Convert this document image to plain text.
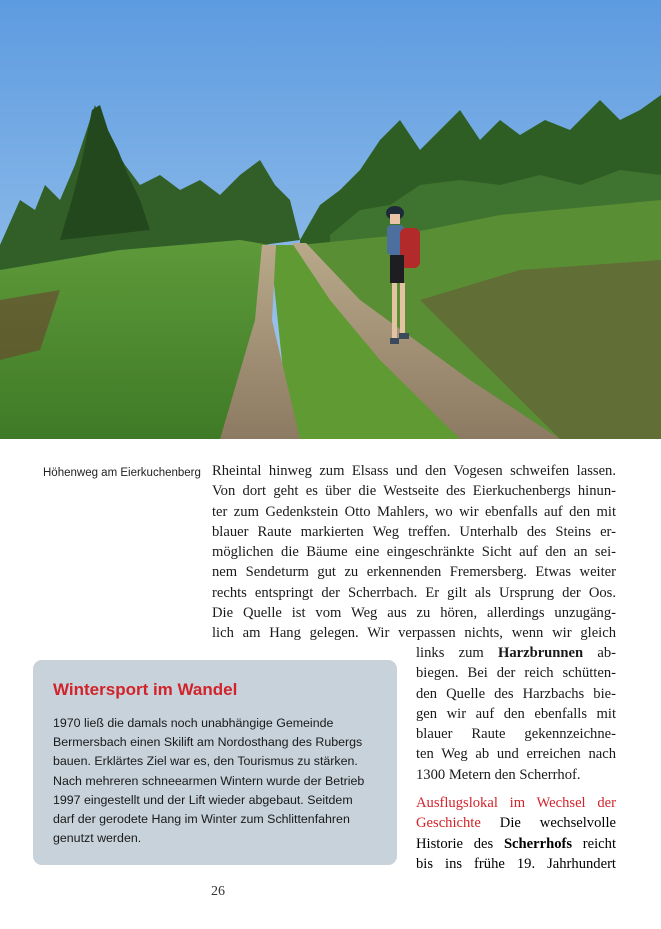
Höhenweg am Eierkuchenberg Rheintal hinweg zum Elsass und den Vogesen schweifen lassen.
Von dort geht es über die Westseite des Eierkuchenbergs hinun-
ter zum Gedenkstein Otto Mahlers, wo wir ebenfalls auf den mit
blauer Raute markierten Weg treffen. Unterhalb des Steins er-
möglichen die Bäume eine eingeschränkte Sicht auf den an sei-
nem Sendeturm gut zu erkennenden Fremersberg. Etwas weiter
rechts entspringt der Scherrbach. Er gilt als Ursprung der Oos.
Die Quelle ist vom Weg aus zu hören, allerdings unzugäng-
lich am Hang gelegen. Wir verpassen nichts, wenn wir gleich
links zum Harzbrunnen ab-
biegen. Bei der reich schütten-
den Quelle des Harzbachs bie-
gen wir auf den ebenfalls mit
blauer Raute gekennzeichne-
ten Weg ab und erreichen nach
1300 Metern den Scherrhof.
Ausflugslokal im Wechsel der
Geschichte Die wechselvolle
Historie des Scherrhofs reicht
bis ins frühe 19. Jahrhundert
Wintersport im Wandel
1970 ließ die damals noch unabhängige Gemeinde
Bermersbach einen Skilift am Nordosthang des Rubergs
bauen. Erklärtes Ziel war es, den Tourismus zu stärken.
Nach mehreren schneearmen Wintern wurde der Betrieb
1997 eingestellt und der Lift wieder abgebaut. Seitdem
darf der gerodete Hang im Winter zum Schlittenfahren
genutzt werden.
26
